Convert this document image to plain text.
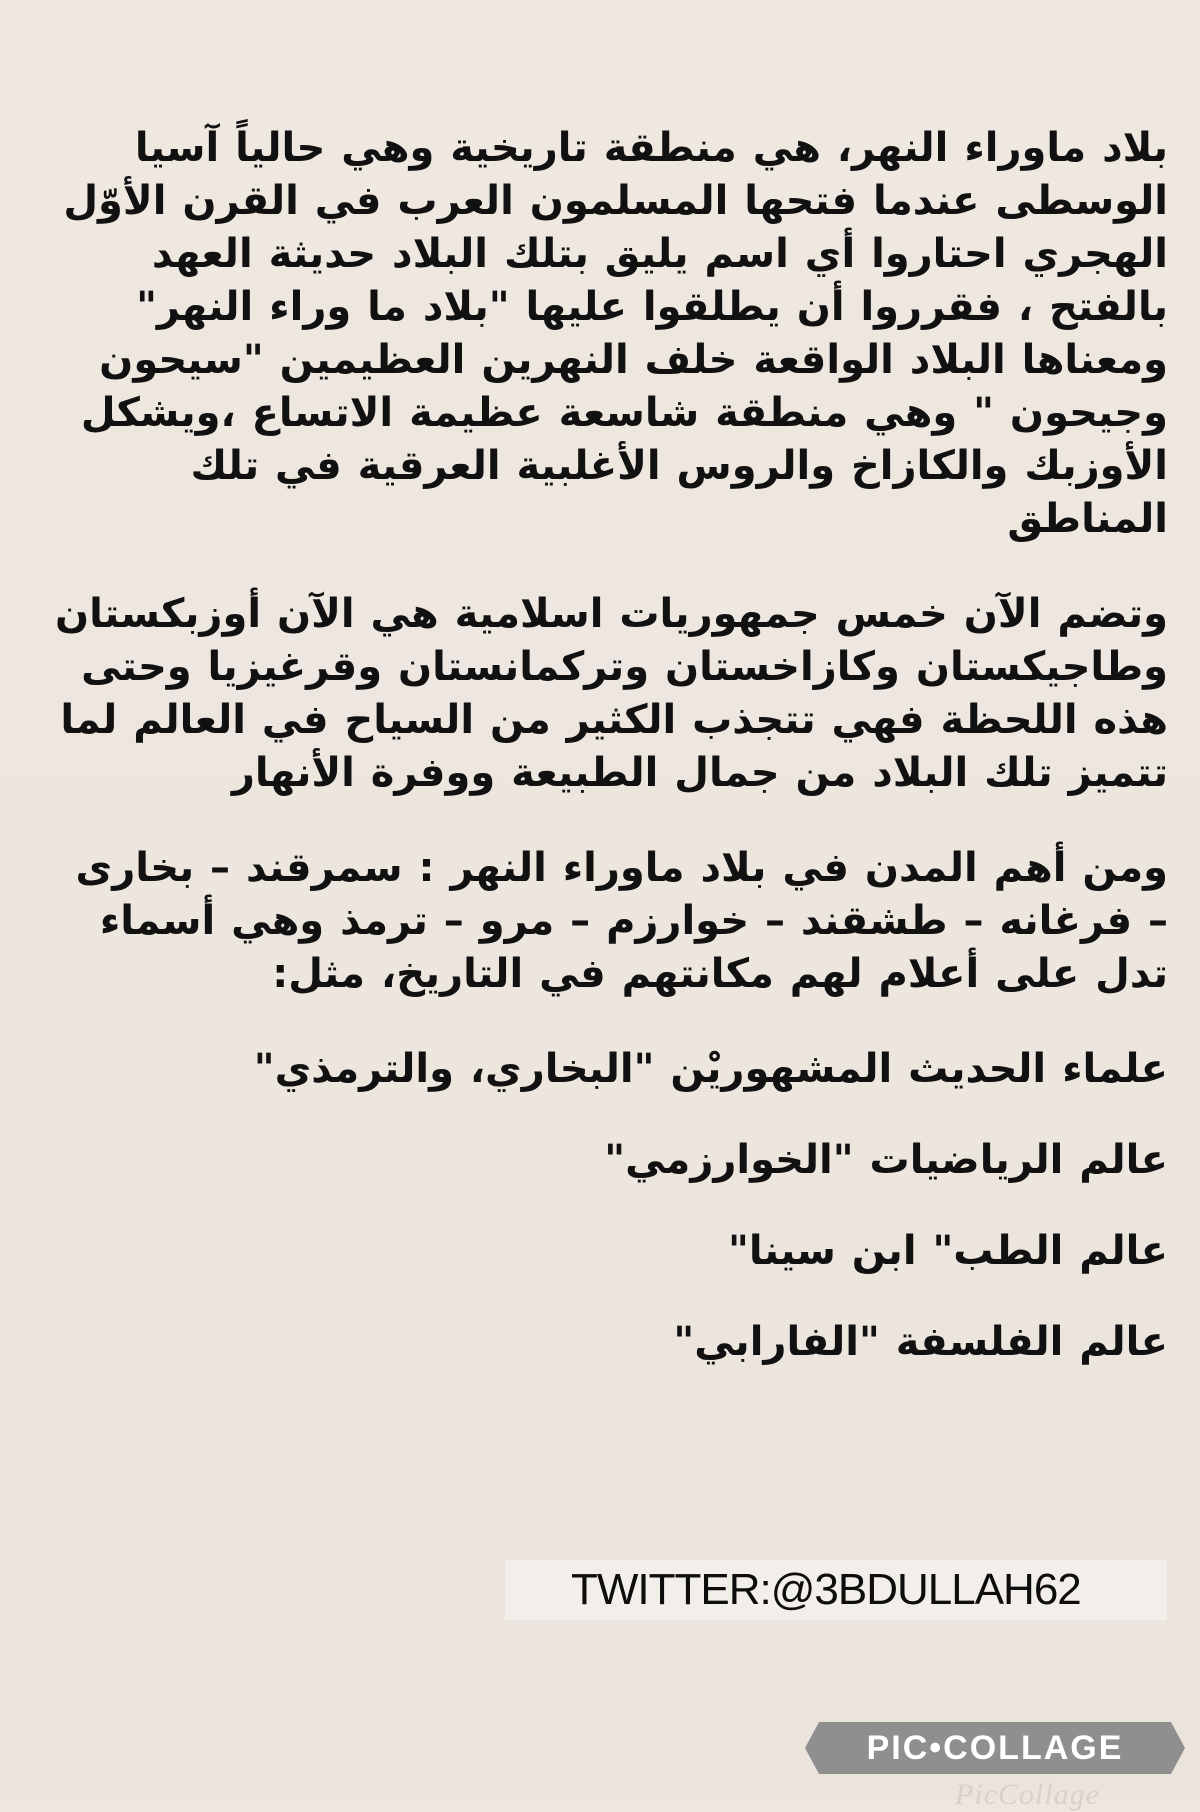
بلاد ماوراء النهر، هي منطقة تاريخية وهي حالياً آسيا الوسطى عندما فتحها المسلمون العرب في القرن الأوّل الهجري احتاروا أي اسم يليق بتلك البلاد حديثة العهد بالفتح ، فقرروا أن يطلقوا عليها "بلاد ما وراء النهر" ومعناها البلاد الواقعة خلف النهرين العظيمين "سيحون وجيحون " وهي منطقة شاسعة عظيمة الاتساع ،ويشكل الأوزبك والكازاخ والروس الأغلبية العرقية في تلك المناطق

وتضم الآن خمس جمهوريات اسلامية هي الآن أوزبكستان وطاجيكستان وكازاخستان وتركمانستان وقرغيزيا وحتى هذه اللحظة فهي تتجذب الكثير من السياح في العالم لما تتميز تلك البلاد من جمال الطبيعة ووفرة الأنهار

ومن أهم المدن في بلاد ماوراء النهر : سمرقند – بخارى – فرغانه – طشقند – خوارزم – مرو – ترمذ وهي أسماء تدل على أعلام لهم مكانتهم في التاريخ، مثل:

علماء الحديث المشهوريْن "البخاري، والترمذي"

عالم الرياضيات "الخوارزمي"

عالم الطب" ابن سينا"

عالم الفلسفة "الفارابي"

TWITTER:@3BDULLAH62
PIC•COLLAGE
PicCollage
